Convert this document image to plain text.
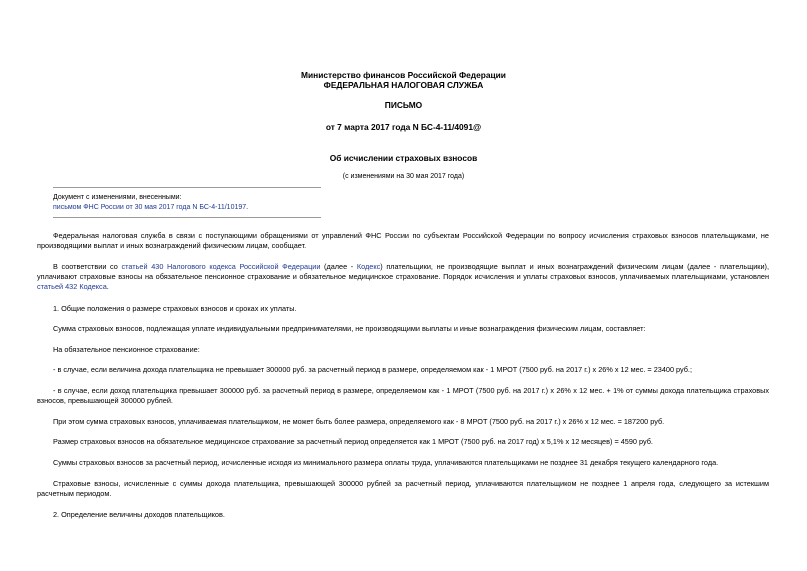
Министерство финансов Российской Федерации
ФЕДЕРАЛЬНАЯ НАЛОГОВАЯ СЛУЖБА
ПИСЬМО
от 7 марта 2017 года N БС-4-11/4091@
Об исчислении страховых взносов
(с изменениями на 30 мая 2017 года)
Документ с изменениями, внесенными:
письмом ФНС России от 30 мая 2017 года N БС-4-11/10197.
Федеральная налоговая служба в связи с поступающими обращениями от управлений ФНС России по субъектам Российской Федерации по вопросу исчисления страховых взносов плательщиками, не производящими выплат и иных вознаграждений физическим лицам, сообщает.
В соответствии со статьей 430 Налогового кодекса Российской Федерации (далее - Кодекс) плательщики, не производящие выплат и иных вознаграждений физическим лицам (далее - плательщики), уплачивают страховые взносы на обязательное пенсионное страхование и обязательное медицинское страхование. Порядок исчисления и уплаты страховых взносов, уплачиваемых плательщиками, установлен статьей 432 Кодекса.
1. Общие положения о размере страховых взносов и сроках их уплаты.
Сумма страховых взносов, подлежащая уплате индивидуальными предпринимателями, не производящими выплаты и иные вознаграждения физическим лицам, составляет:
На обязательное пенсионное страхование:
- в случае, если величина дохода плательщика не превышает 300000 руб. за расчетный период в размере, определяемом как - 1 МРОТ (7500 руб. на 2017 г.) х 26% х 12 мес. = 23400 руб.;
- в случае, если доход плательщика превышает 300000 руб. за расчетный период в размере, определяемом как - 1 МРОТ (7500 руб. на 2017 г.) х 26% х 12 мес. + 1% от суммы дохода плательщика страховых взносов, превышающей 300000 рублей.
При этом сумма страховых взносов, уплачиваемая плательщиком, не может быть более размера, определяемого как - 8 МРОТ (7500 руб. на 2017 г.) х 26% х 12 мес. = 187200 руб.
Размер страховых взносов на обязательное медицинское страхование за расчетный период определяется как 1 МРОТ (7500 руб. на 2017 год) х 5,1% х 12 месяцев) = 4590 руб.
Суммы страховых взносов за расчетный период, исчисленные исходя из минимального размера оплаты труда, уплачиваются плательщиками не позднее 31 декабря текущего календарного года.
Страховые взносы, исчисленные с суммы дохода плательщика, превышающей 300000 рублей за расчетный период, уплачиваются плательщиком не позднее 1 апреля года, следующего за истекшим расчетным периодом.
2. Определение величины доходов плательщиков.
